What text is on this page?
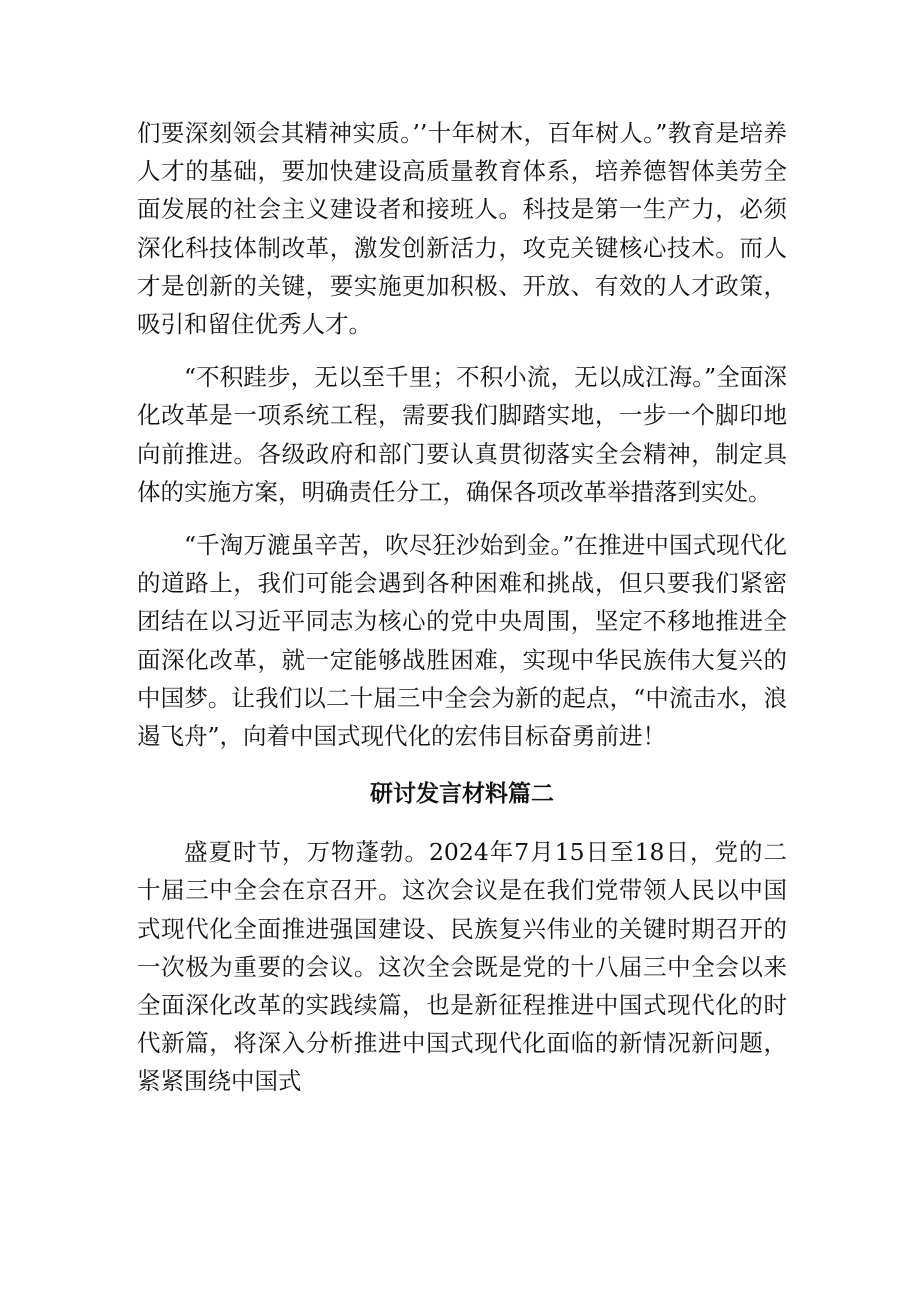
们要深刻领会其精神实质。’’十年树木，百年树人。”教育是培养人才的基础，要加快建设高质量教育体系，培养德智体美劳全面发展的社会主义建设者和接班人。科技是第一生产力，必须深化科技体制改革，激发创新活力，攻克关键核心技术。而人才是创新的关键，要实施更加积极、开放、有效的人才政策，吸引和留住优秀人才。

“不积跬步，无以至千里；不积小流，无以成江海。”全面深化改革是一项系统工程，需要我们脚踏实地，一步一个脚印地向前推进。各级政府和部门要认真贯彻落实全会精神，制定具体的实施方案，明确责任分工，确保各项改革举措落到实处。

“千淘万漉虽辛苦，吹尽狂沙始到金。”在推进中国式现代化的道路上，我们可能会遇到各种困难和挑战，但只要我们紧密团结在以习近平同志为核心的党中央周围，坚定不移地推进全面深化改革，就一定能够战胜困难，实现中华民族伟大复兴的中国梦。让我们以二十届三中全会为新的起点，“中流击水，浪遏飞舟”，向着中国式现代化的宏伟目标奋勇前进！

研讨发言材料篇二

盛夏时节，万物蓬勃。2024年7月15日至18日，党的二十届三中全会在京召开。这次会议是在我们党带领人民以中国式现代化全面推进强国建设、民族复兴伟业的关键时期召开的一次极为重要的会议。这次全会既是党的十八届三中全会以来全面深化改革的实践续篇，也是新征程推进中国式现代化的时代新篇，将深入分析推进中国式现代化面临的新情况新问题，紧紧围绕中国式
